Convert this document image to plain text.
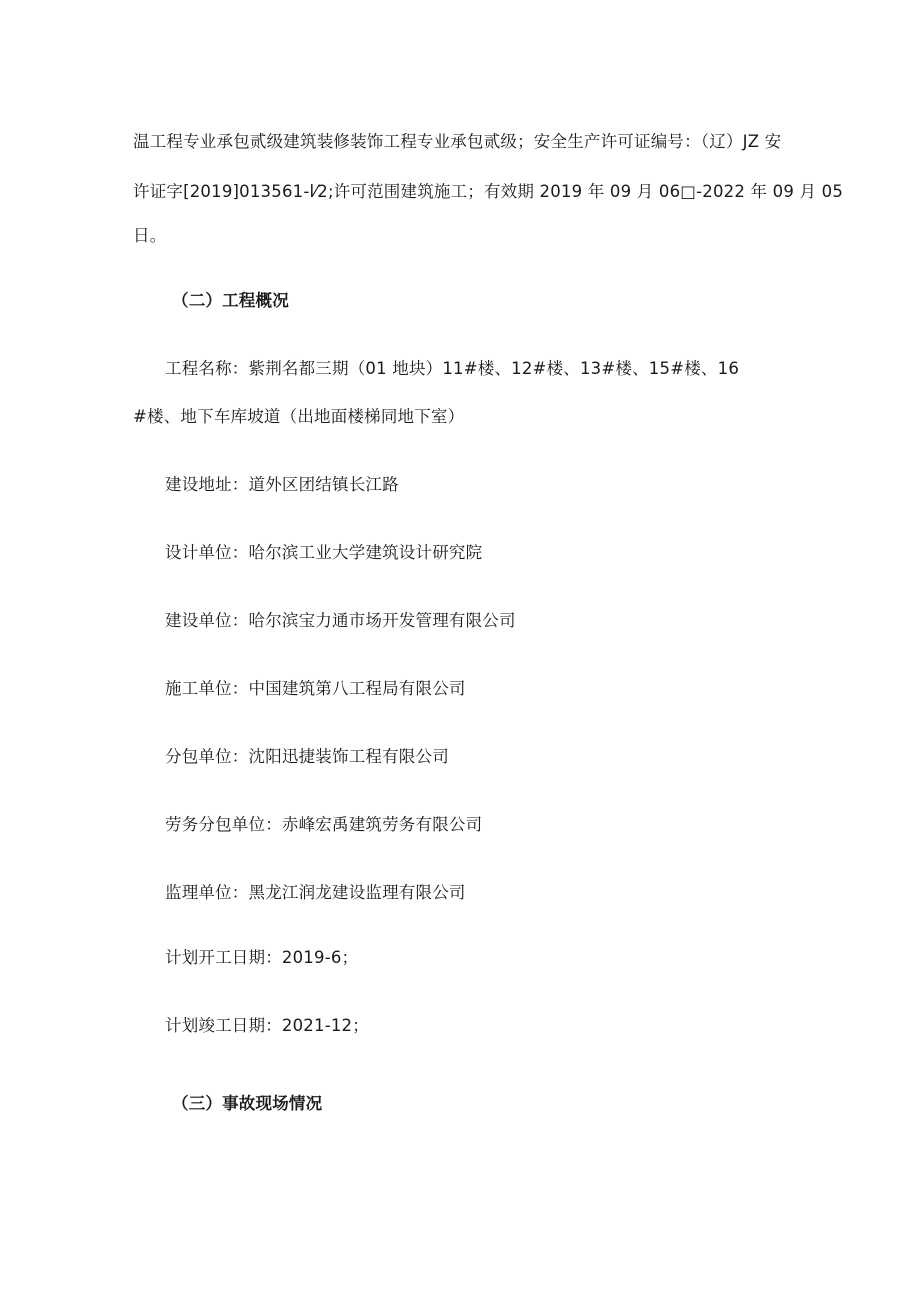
温工程专业承包贰级建筑装修装饰工程专业承包贰级；安全生产许可证编号：（辽）JZ 安
许证字[2019]013561-l⁄2;许可范围建筑施工；有效期 2019 年 09 月 06□-2022 年 09 月 05
日。
（二）工程概况
工程名称：紫荆名都三期（01 地块）11#楼、12#楼、13#楼、15#楼、16
#楼、地下车库坡道（出地面楼梯同地下室）
建设地址：道外区团结镇长江路
设计单位：哈尔滨工业大学建筑设计研究院
建设单位：哈尔滨宝力通市场开发管理有限公司
施工单位：中国建筑第八工程局有限公司
分包单位：沈阳迅捷装饰工程有限公司
劳务分包单位：赤峰宏禹建筑劳务有限公司
监理单位：黑龙江润龙建设监理有限公司
计划开工日期：2019-6；
计划竣工日期：2021-12；
（三）事故现场情况
